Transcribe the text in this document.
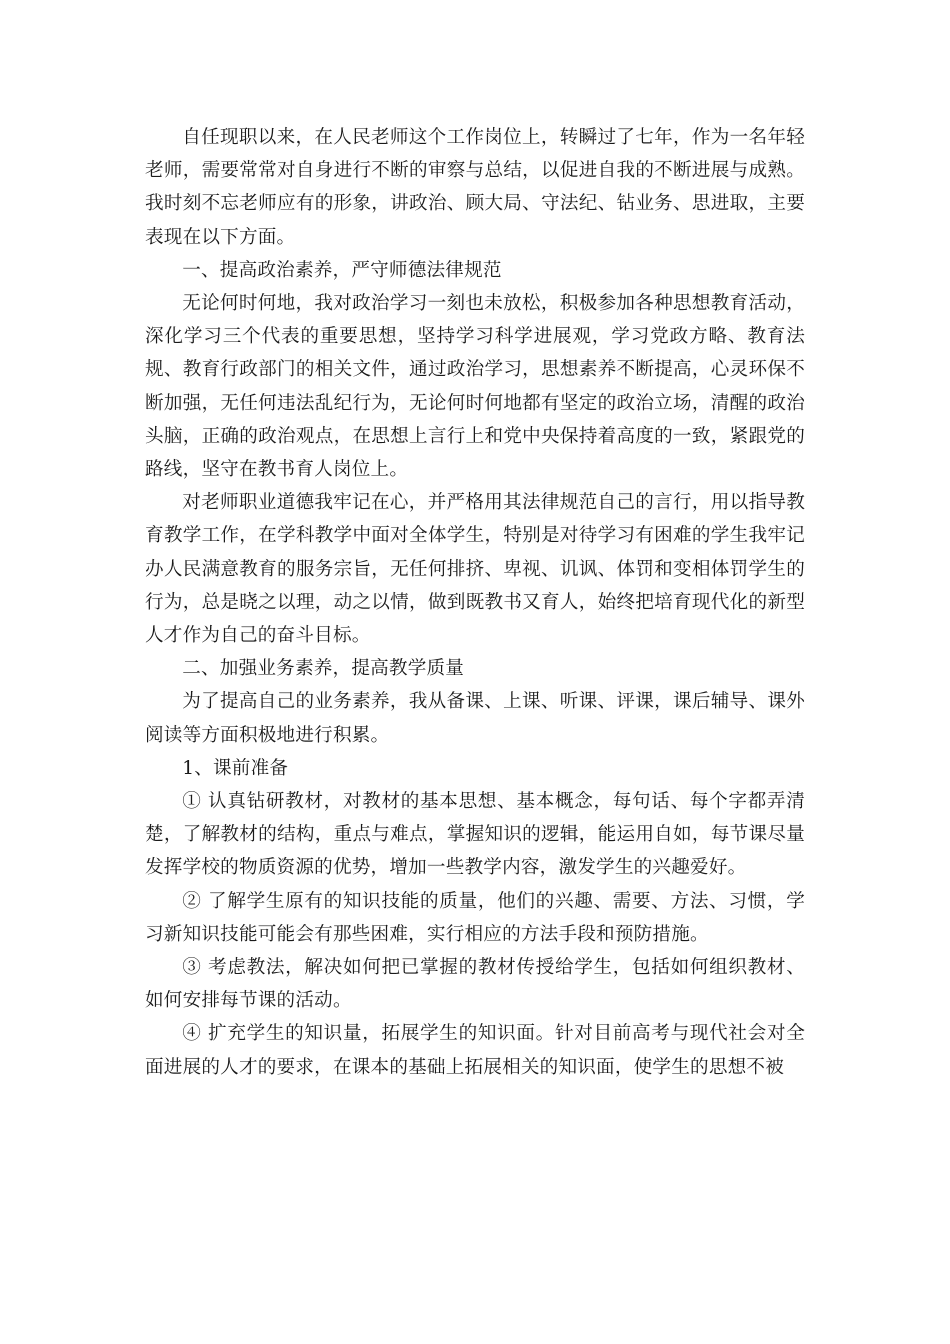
自任现职以来，在人民老师这个工作岗位上，转瞬过了七年，作为一名年轻老师，需要常常对自身进行不断的审察与总结，以促进自我的不断进展与成熟。我时刻不忘老师应有的形象，讲政治、顾大局、守法纪、钻业务、思进取，主要表现在以下方面。

一、提高政治素养，严守师德法律规范

无论何时何地，我对政治学习一刻也未放松，积极参加各种思想教育活动，深化学习三个代表的重要思想，坚持学习科学进展观，学习党政方略、教育法规、教育行政部门的相关文件，通过政治学习，思想素养不断提高，心灵环保不断加强，无任何违法乱纪行为，无论何时何地都有坚定的政治立场，清醒的政治头脑，正确的政治观点，在思想上言行上和党中央保持着高度的一致，紧跟党的路线，坚守在教书育人岗位上。

对老师职业道德我牢记在心，并严格用其法律规范自己的言行，用以指导教育教学工作，在学科教学中面对全体学生，特别是对待学习有困难的学生我牢记办人民满意教育的服务宗旨，无任何排挤、卑视、讥讽、体罚和变相体罚学生的行为，总是晓之以理，动之以情，做到既教书又育人，始终把培育现代化的新型人才作为自己的奋斗目标。

二、加强业务素养，提高教学质量

为了提高自己的业务素养，我从备课、上课、听课、评课，课后辅导、课外阅读等方面积极地进行积累。

1、课前准备

① 认真钻研教材，对教材的基本思想、基本概念，每句话、每个字都弄清楚，了解教材的结构，重点与难点，掌握知识的逻辑，能运用自如，每节课尽量发挥学校的物质资源的优势，增加一些教学内容，激发学生的兴趣爱好。

② 了解学生原有的知识技能的质量，他们的兴趣、需要、方法、习惯，学习新知识技能可能会有那些困难，实行相应的方法手段和预防措施。

③ 考虑教法，解决如何把已掌握的教材传授给学生，包括如何组织教材、如何安排每节课的活动。

④ 扩充学生的知识量，拓展学生的知识面。针对目前高考与现代社会对全面进展的人才的要求，在课本的基础上拓展相关的知识面，使学生的思想不被
